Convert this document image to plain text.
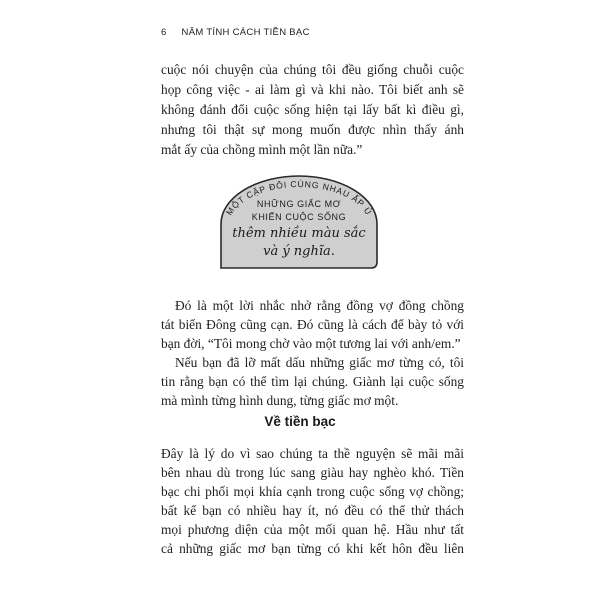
6 NĂM TÍNH CÁCH TIỀN BẠC
cuộc nói chuyện của chúng tôi đều giống chuỗi cuộc
họp công việc - ai làm gì và khi nào. Tôi biết anh sẽ
không đánh đổi cuộc sống hiện tại lấy bất kì điều gì,
nhưng tôi thật sự mong muốn được nhìn thấy ánh
mắt ấy của chồng mình một lần nữa.”
MỘT CẶP ĐÔI CÙNG NHAU ẤP Ủ
NHỮNG GIẤC MƠ
KHIẾN CUỘC SỐNG
thêm nhiều màu sắc
và ý nghĩa.
Đó là một lời nhắc nhở rằng đồng vợ đồng chồng
tát biển Đông cũng cạn. Đó cũng là cách để bày tỏ với
bạn đời, “Tôi mong chờ vào một tương lai với anh/em.”
Nếu bạn đã lỡ mất dấu những giấc mơ từng có, tôi
tin rằng bạn có thể tìm lại chúng. Giành lại cuộc sống
mà mình từng hình dung, từng giấc mơ một.
Về tiền bạc
Đây là lý do vì sao chúng ta thề nguyện sẽ mãi mãi
bên nhau dù trong lúc sang giàu hay nghèo khó. Tiền
bạc chi phối mọi khía cạnh trong cuộc sống vợ chồng;
bất kể bạn có nhiều hay ít, nó đều có thể thử thách
mọi phương diện của một mối quan hệ. Hầu như tất
cả những giấc mơ bạn từng có khi kết hôn đều liên
